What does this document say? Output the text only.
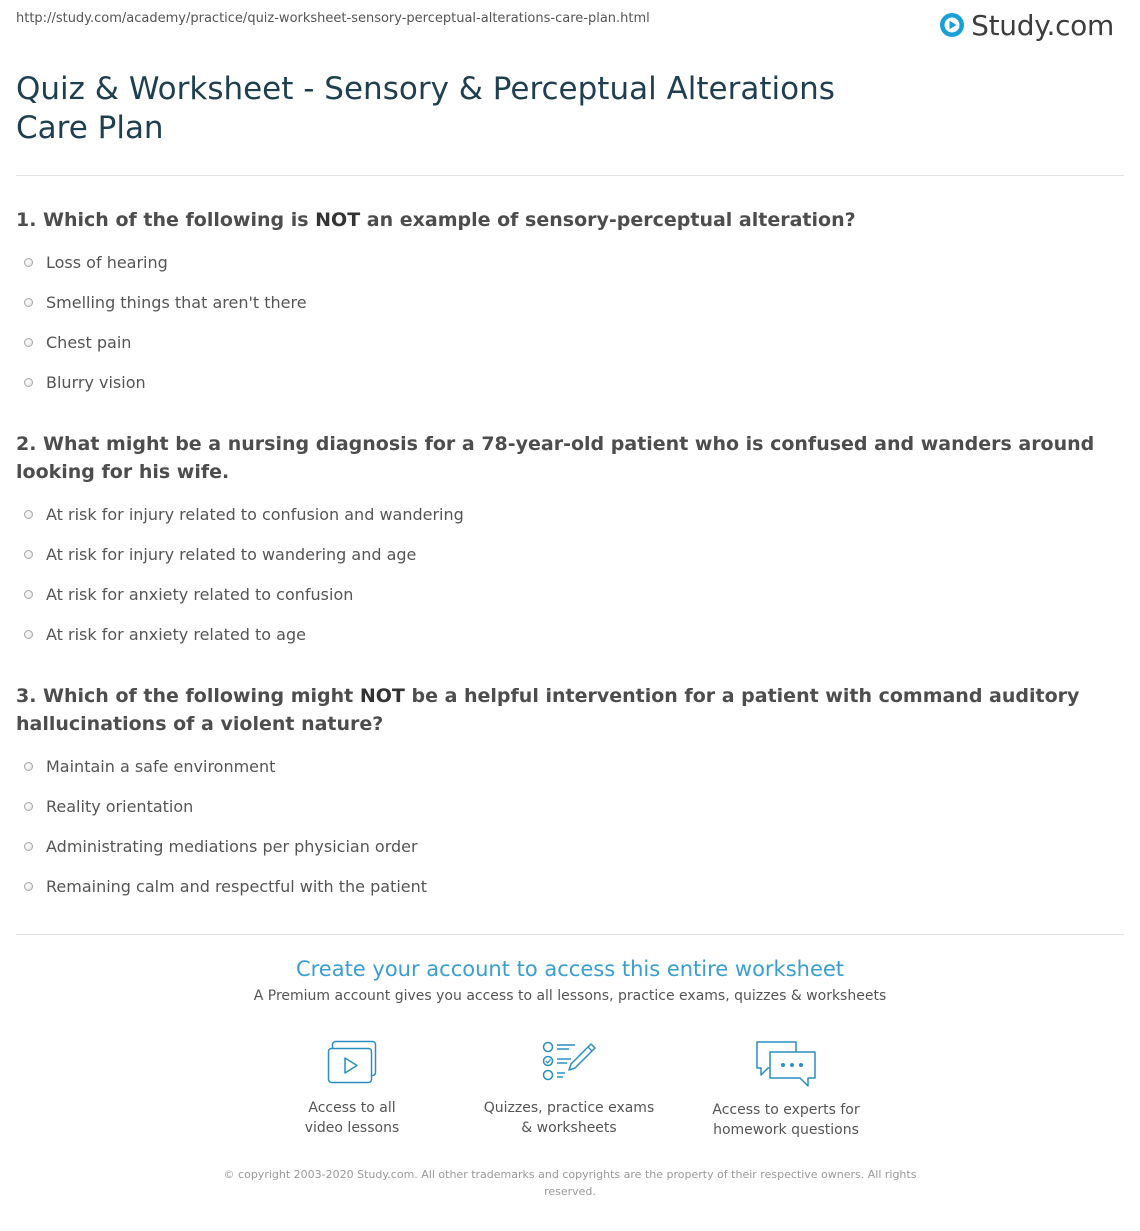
http://study.com/academy/practice/quiz-worksheet-sensory-perceptual-alterations-care-plan.html	Study.com
Quiz & Worksheet - Sensory & Perceptual Alterations Care Plan

1. Which of the following is NOT an example of sensory-perceptual alteration?

Loss of hearing
Smelling things that aren't there
Chest pain
Blurry vision

2. What might be a nursing diagnosis for a 78-year-old patient who is confused and wanders around looking for his wife.

At risk for injury related to confusion and wandering
At risk for injury related to wandering and age
At risk for anxiety related to confusion
At risk for anxiety related to age

3. Which of the following might NOT be a helpful intervention for a patient with command auditory hallucinations of a violent nature?

Maintain a safe environment
Reality orientation
Administrating mediations per physician order
Remaining calm and respectful with the patient
Create your account to access this entire worksheet
A Premium account gives you access to all lessons, practice exams, quizzes & worksheets
Access to all
video lessons
Quizzes, practice exams
& worksheets
Access to experts for
homework questions
© copyright 2003-2020 Study.com. All other trademarks and copyrights are the property of their respective owners. All rights reserved.
